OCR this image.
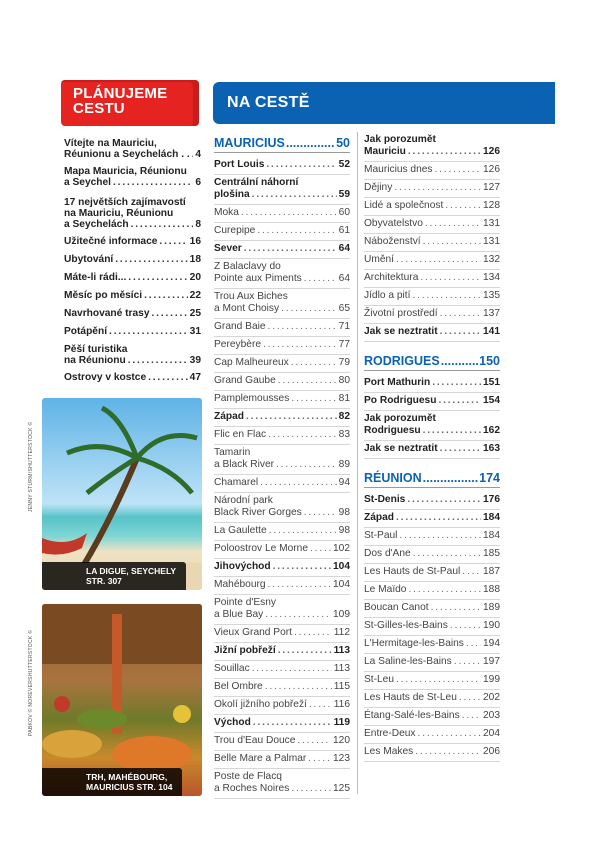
PLÁNUJEME
CESTU	NA CESTĚ
Vítejte na Mauriciu,
Réunionu a Seychelách . . . . . 4
Mapa Mauricia, Réunionu
a Seychel . . .	6
17 největších zajímavostí
na Mauriciu, Réunionu
a Seychelách . . .	8
Užitečné informace . . .	16
Ubytování . . .	18
Máte-li rádi... . . .	20
Měsíc po měsíci . . .	22
Navrhované trasy . . .	25
Potápění . . .	31
Pěší turistika
na Réunionu . . .	39
Ostrovy v kostce . . .	47
LA DIGUE, SEYCHELY
STR. 307
JENNY STURM/SHUTTERSTOCK ©
TRH, MAHÉBOURG,
MAURICIUS STR. 104
PABKOV © NOREVERSHUTTERSTOCK ©
MAURICIUS .....	50
Port Louis . . .	52
Centrální náhorní
plošina . . .	59
Moka . . .	60
Curepipe . . .	61
Sever . . .	64
Z Balaclavy do
Pointe aux Piments . . .	64
Trou Aux Biches
a Mont Choisy . . .	65
Grand Baie . . .	71
Pereybère . . .	77
Cap Malheureux . . .	79
Grand Gaube . . .	80
Pamplemousses . . .	81
Západ . . .	82
Flic en Flac . . .	83
Tamarin
a Black River . . .	89
Chamarel . . .	94
Národní park
Black River Gorges . . .	98
La Gaulette . . .	98
Poloostrov Le Morne . . . 102
Jihovýchod . . .	104
Mahébourg . . .	104
Pointe d'Esny
a Blue Bay . . .	109
Vieux Grand Port . . .	112
Jižní pobřeží . . .	113
Souillac . . .	113
Bel Ombre . . .	115
Okolí jižního pobřeží . . .	116
Východ . . .	119
Trou d'Eau Douce . . .	120
Belle Mare a Palmar . . .	123
Poste de Flacq
a Roches Noires . . .	125
Jak porozumět
Mauriciu . . .	126
Mauricius dnes . . .	126
Dějiny . . .	127
Lidé a společnost . . .	128
Obyvatelstvo . . .	131
Náboženství . . .	131
Umění . . .	132
Architektura . . .	134
Jídlo a pití . . .	135
Životní prostředí . . .	137
Jak se neztratit . . .	141
RODRIGUES .....	150
Port Mathurin . . .	151
Po Rodriguesu . . .	154
Jak porozumět
Rodriguesu . . .	162
Jak se neztratit . . .	163
RÉUNION .....	174
St-Denis . . .	176
Západ . . .	184
St-Paul . . .	184
Dos d'Ane . . .	185
Les Hauts de St-Paul . . . 187
Le Maïdo . . .	188
Boucan Canot . . .	189
St-Gilles-les-Bains . . .	190
L'Hermitage-les-Bains . . . 194
La Saline-les-Bains . . .	197
St-Leu . . .	199
Les Hauts de St-Leu . . .	202
Étang-Salé-les-Bains . . . 203
Entre-Deux . . .	204
Les Makes . . .	206
